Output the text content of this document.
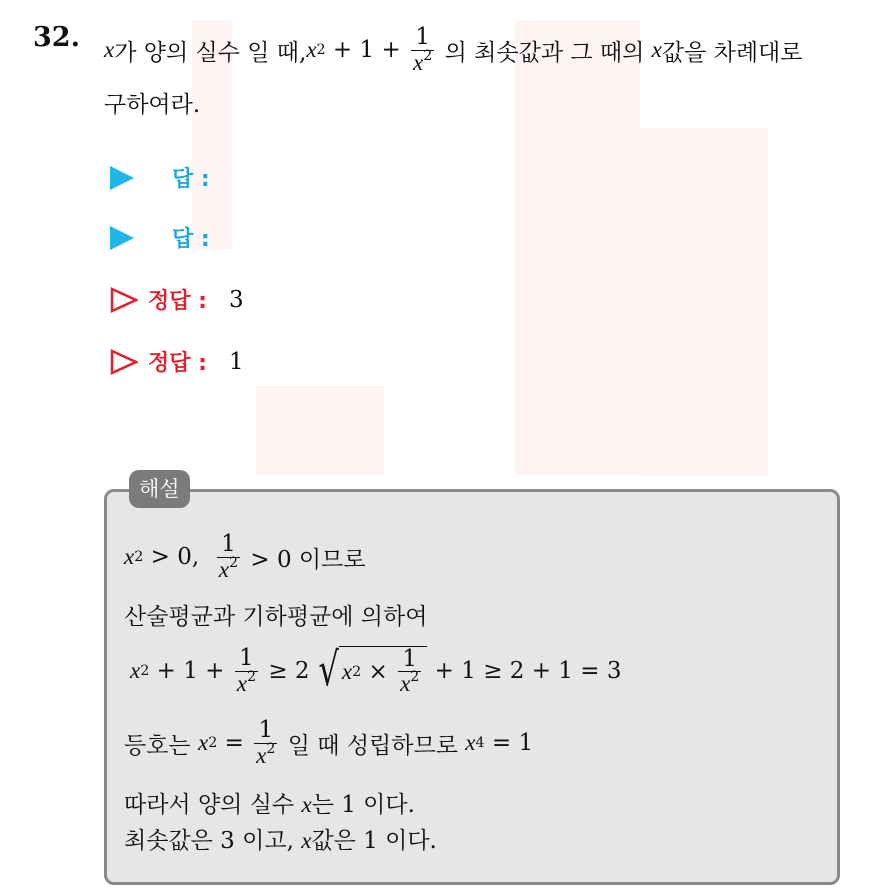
32. x 가 양의 실수 일 때, x $2 + 1 + \frac{1}{x^2}$ 의 최솟값과 그 때의 x 값을 차례대로
구하여라.
답 :
답 :
정답 : 3
정답 : 1
해설
x 2 > 0, $\frac{1}{x^2} > 0$ 이므로
산술평균과 기하평균에 의하여
x $2 + 1 + \frac{1}{x^2} \ge 2$ √ x $2 \times \frac{1}{x^2} + 1 \ge 2 + 1 = 3$
등호는 x $2 = \frac{1}{x^2}$ 일 때 성립하므로 x 4 = 1
따라서 양의 실수 x는 1 이다.
최솟값은 3 이고, x값은 1 이다.
